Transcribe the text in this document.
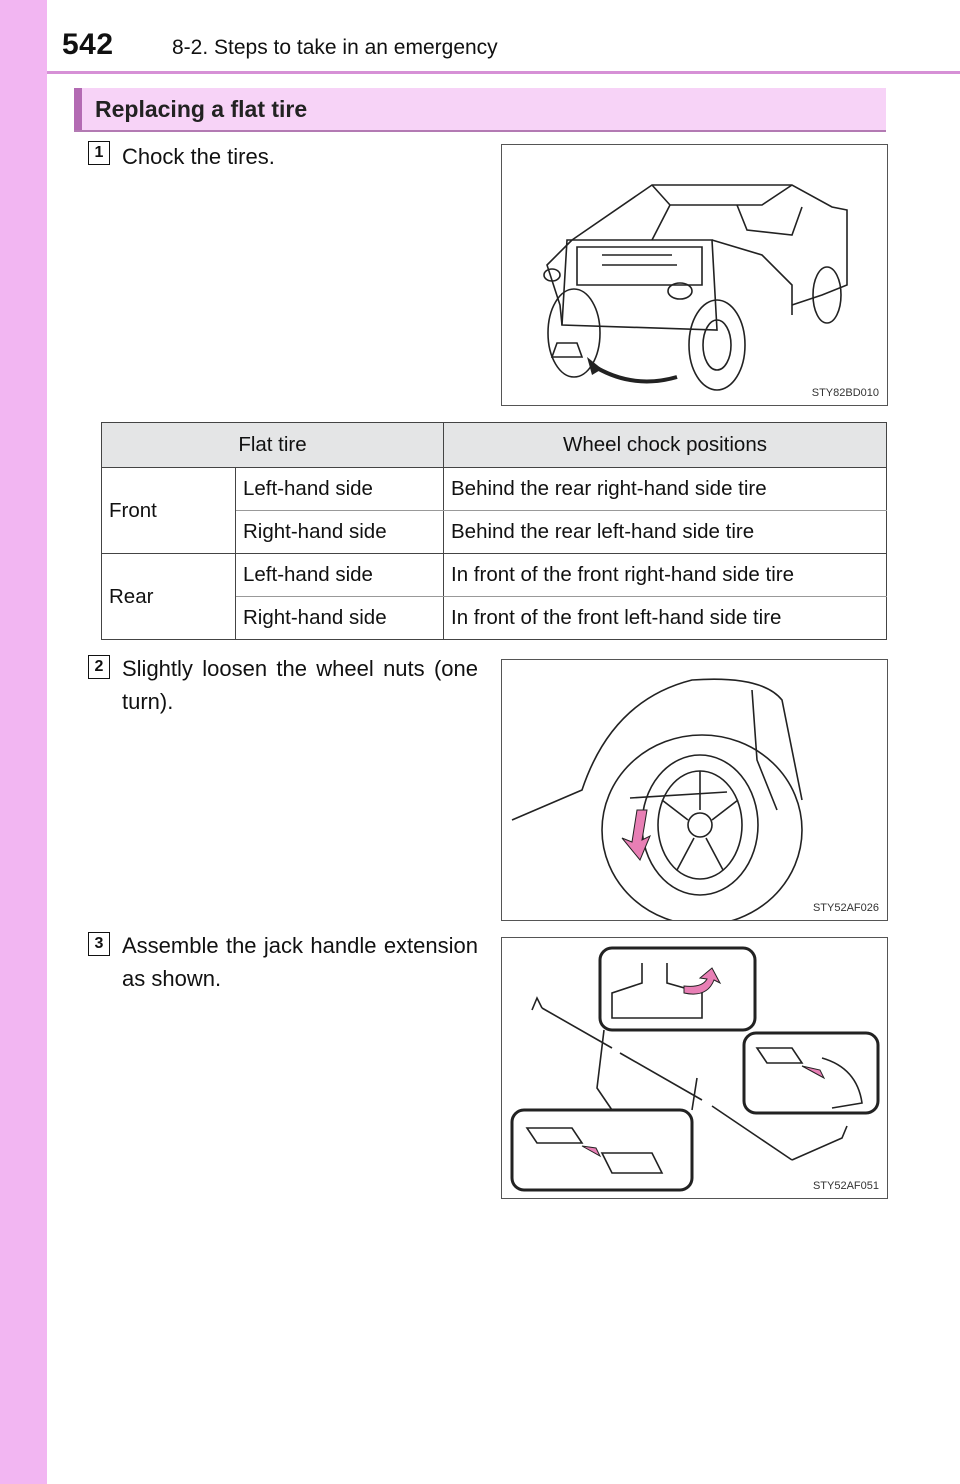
542	8-2. Steps to take in an emergency
Replacing a flat tire
1 Chock the tires.
STY82BD010
Flat tire		Wheel chock positions
Front	Left-hand side	Behind the rear right-hand side tire
	Right-hand side	Behind the rear left-hand side tire
Rear	Left-hand side	In front of the front right-hand side tire
	Right-hand side	In front of the front left-hand side tire
2 Slightly loosen the wheel nuts (one turn).
STY52AF026
3 Assemble the jack handle extension as shown.
STY52AF051
